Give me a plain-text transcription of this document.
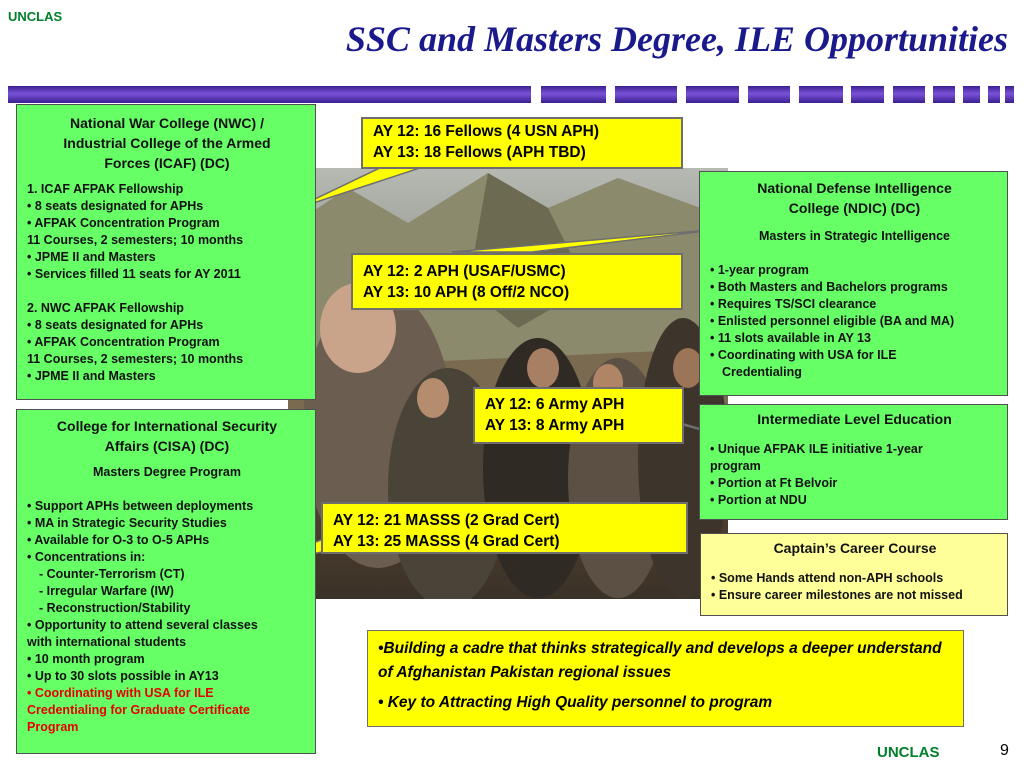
UNCLAS
SSC and Masters Degree, ILE Opportunities
National War College (NWC) /
Industrial College of the Armed
Forces (ICAF) (DC)
1. ICAF AFPAK Fellowship
• 8 seats designated for APHs
• AFPAK Concentration Program
11 Courses, 2 semesters; 10 months
• JPME II and Masters
• Services filled 11 seats for AY 2011
2. NWC AFPAK Fellowship
• 8 seats designated for APHs
• AFPAK Concentration Program
11 Courses, 2 semesters; 10 months
• JPME II and Masters
College for International Security
Affairs (CISA) (DC)
Masters Degree Program
• Support APHs between deployments
• MA in Strategic Security Studies
• Available for O-3 to O-5 APHs
• Concentrations in:
- Counter-Terrorism (CT)
- Irregular Warfare (IW)
- Reconstruction/Stability
• Opportunity to attend several classes
with international students
• 10 month program
• Up to 30 slots possible in AY13
• Coordinating with USA for ILE
Credentialing for Graduate Certificate
Program
National Defense Intelligence
College (NDIC) (DC)
Masters in Strategic Intelligence
• 1-year program
• Both Masters and Bachelors programs
• Requires TS/SCI clearance
• Enlisted personnel eligible (BA and MA)
• 11 slots available in AY 13
• Coordinating with USA for ILE
Credentialing
Intermediate Level Education
• Unique AFPAK ILE initiative 1-year
program
• Portion at Ft Belvoir
• Portion at NDU
Captain’s Career Course
• Some Hands attend non-APH schools
• Ensure career milestones are not missed
AY 12: 16 Fellows (4 USN APH)
AY 13: 18 Fellows (APH TBD)
AY 12: 2 APH (USAF/USMC)
AY 13: 10 APH (8 Off/2 NCO)
AY 12: 6 Army APH
AY 13: 8 Army APH
AY 12: 21 MASSS (2 Grad Cert)
AY 13: 25 MASSS (4 Grad Cert)

•Building a cadre that thinks strategically and develops a deeper understand of Afghanistan Pakistan regional issues

• Key to Attracting High Quality personnel to program

UNCLAS	9
